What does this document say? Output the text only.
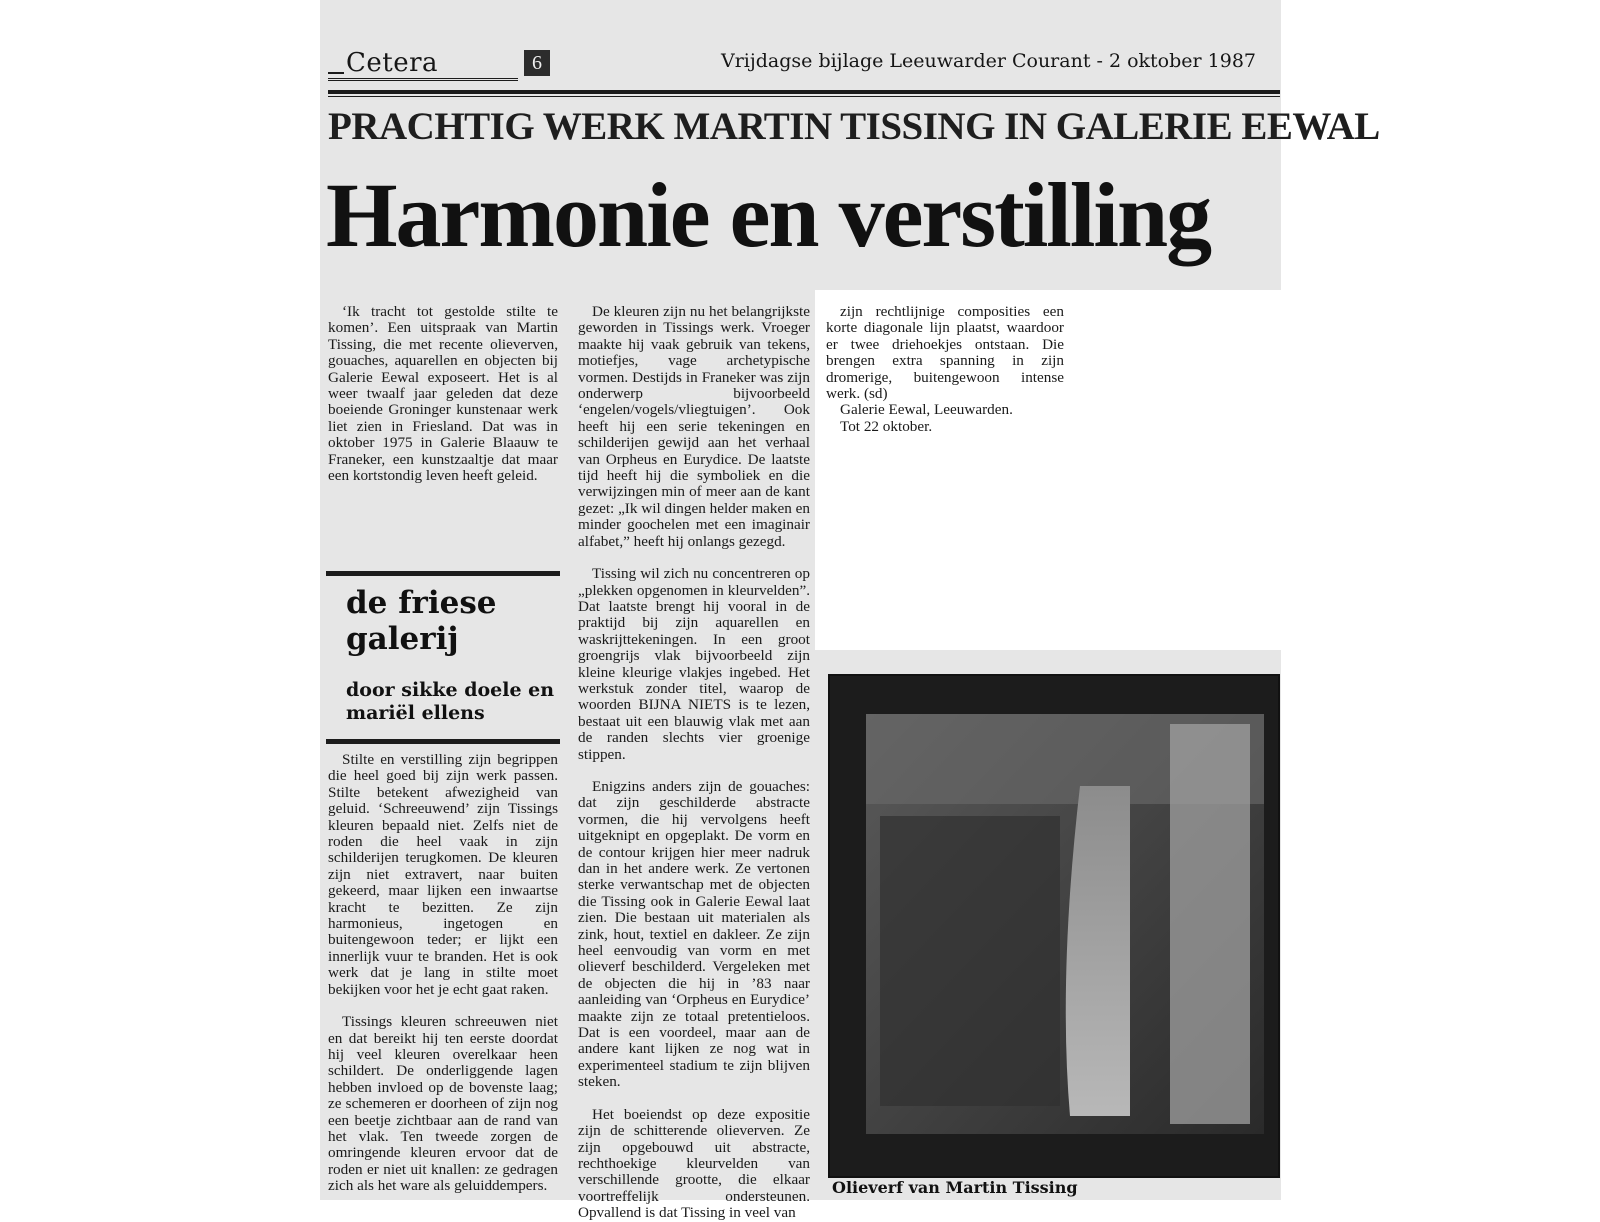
Cetera	6	Vrijdagse bijlage Leeuwarder Courant - 2 oktober 1987
PRACHTIG WERK MARTIN TISSING IN GALERIE EEWAL
Harmonie en verstilling

‘Ik tracht tot gestolde stilte te komen’. Een uitspraak van Martin Tissing, die met recente olieverven, gouaches, aquarellen en objecten bij Galerie Eewal exposeert. Het is al weer twaalf jaar geleden dat deze boeiende Groninger kunstenaar werk liet zien in Friesland. Dat was in oktober 1975 in Galerie Blaauw te Franeker, een kunstzaaltje dat maar een kortstondig leven heeft geleid.

de friese galerij
door sikke doele en mariël ellens

Stilte en verstilling zijn begrippen die heel goed bij zijn werk passen. Stilte betekent afwezigheid van geluid. ‘Schreeuwend’ zijn Tissings kleuren bepaald niet. Zelfs niet de roden die heel vaak in zijn schilderijen terugkomen. De kleuren zijn niet extravert, naar buiten gekeerd, maar lijken een inwaartse kracht te bezitten. Ze zijn harmonieus, ingetogen en buitengewoon teder; er lijkt een innerlijk vuur te branden. Het is ook werk dat je lang in stilte moet bekijken voor het je echt gaat raken.

Tissings kleuren schreeuwen niet en dat bereikt hij ten eerste doordat hij veel kleuren overelkaar heen schildert. De onderliggende lagen hebben invloed op de bovenste laag; ze schemeren er doorheen of zijn nog een beetje zichtbaar aan de rand van het vlak. Ten tweede zorgen de omringende kleuren ervoor dat de roden er niet uit knallen: ze gedragen zich als het ware als geluiddempers.

De kleuren zijn nu het belangrijkste geworden in Tissings werk. Vroeger maakte hij vaak gebruik van tekens, motiefjes, vage archetypische vormen. Destijds in Franeker was zijn onderwerp bijvoorbeeld ‘engelen/vogels/vliegtuigen’. Ook heeft hij een serie tekeningen en schilderijen gewijd aan het verhaal van Orpheus en Eurydice. De laatste tijd heeft hij die symboliek en die verwijzingen min of meer aan de kant gezet: „Ik wil dingen helder maken en minder goochelen met een imaginair alfabet,” heeft hij onlangs gezegd.

Tissing wil zich nu concentreren op „plekken opgenomen in kleurvelden”. Dat laatste brengt hij vooral in de praktijd bij zijn aquarellen en waskrijttekeningen. In een groot groengrijs vlak bijvoorbeeld zijn kleine kleurige vlakjes ingebed. Het werkstuk zonder titel, waarop de woorden BIJNA NIETS is te lezen, bestaat uit een blauwig vlak met aan de randen slechts vier groenige stippen.

Enigzins anders zijn de gouaches: dat zijn geschilderde abstracte vormen, die hij vervolgens heeft uitgeknipt en opgeplakt. De vorm en de contour krijgen hier meer nadruk dan in het andere werk. Ze vertonen sterke verwantschap met de objecten die Tissing ook in Galerie Eewal laat zien. Die bestaan uit materialen als zink, hout, textiel en dakleer. Ze zijn heel eenvoudig van vorm en met olieverf beschilderd. Vergeleken met de objecten die hij in ’83 naar aanleiding van ‘Orpheus en Eurydice’ maakte zijn ze totaal pretentieloos. Dat is een voordeel, maar aan de andere kant lijken ze nog wat in experimenteel stadium te zijn blijven steken.

Het boeiendst op deze expositie zijn de schitterende olieverven. Ze zijn opgebouwd uit abstracte, rechthoekige kleurvelden van verschillende grootte, die elkaar voortreffelijk ondersteunen. Opvallend is dat Tissing in veel van

zijn rechtlijnige composities een korte diagonale lijn plaatst, waardoor er twee driehoekjes ontstaan. Die brengen extra spanning in zijn dromerige, buitengewoon intense werk. (sd)

Galerie Eewal, Leeuwarden.

Tot 22 oktober.

Olieverf van Martin Tissing
